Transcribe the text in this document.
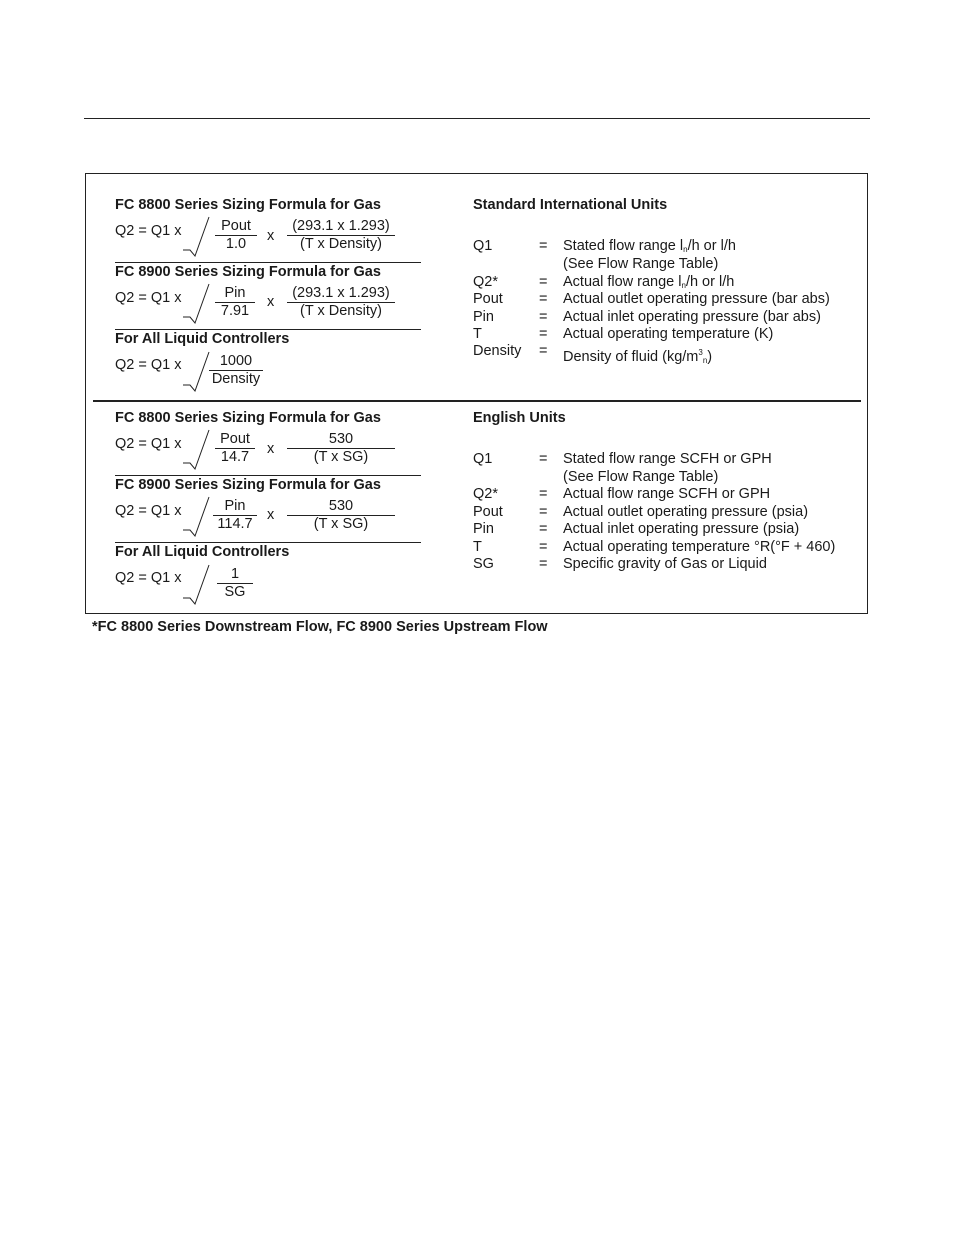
FC 8800 Series Sizing Formula for Gas
Q2 = Q1 x	Pout
1.0	x
(293.1 x 1.293)
(T x Density)
FC 8900 Series Sizing Formula for Gas
Q2 = Q1 x	Pin
7.91
x
(293.1 x 1.293)
(T x Density)
For All Liquid Controllers
Q2 = Q1 x	1000
Density
Standard International Units
Q1	= Stated flow range $l_n/h$ or l/h
(See Flow Range Table)
Q2*	= Actual flow range $l_n/h$ or l/h
Pout = Actual outlet operating pressure (bar abs)
Pin	= Actual inlet operating pressure (bar abs)
T	= Actual operating temperature (K)
Density = Density of fluid $(kg/m^3_n)$
FC 8800 Series Sizing Formula for Gas
Q2 = Q1 x	Pout
14.7	x $\frac{530}{\text{(T x SG)}}$
FC 8900 Series Sizing Formula for Gas
Q2 = Q1 x	Pin
114.7
x $\frac{530}{\text{(T x SG)}}$
For All Liquid Controllers
Q2 = Q1 x $\frac{1}{SG}$
English Units
Q1	= Stated flow range SCFH or GPH
(See Flow Range Table)
Q2*	= Actual flow range SCFH or GPH
Pout = Actual outlet operating pressure (psia)
Pin	= Actual inlet operating pressure (psia)
T	= Actual operating temperature °R(°F + 460)
SG	= Specific gravity of Gas or Liquid
*FC 8800 Series Downstream Flow, FC 8900 Series Upstream Flow
